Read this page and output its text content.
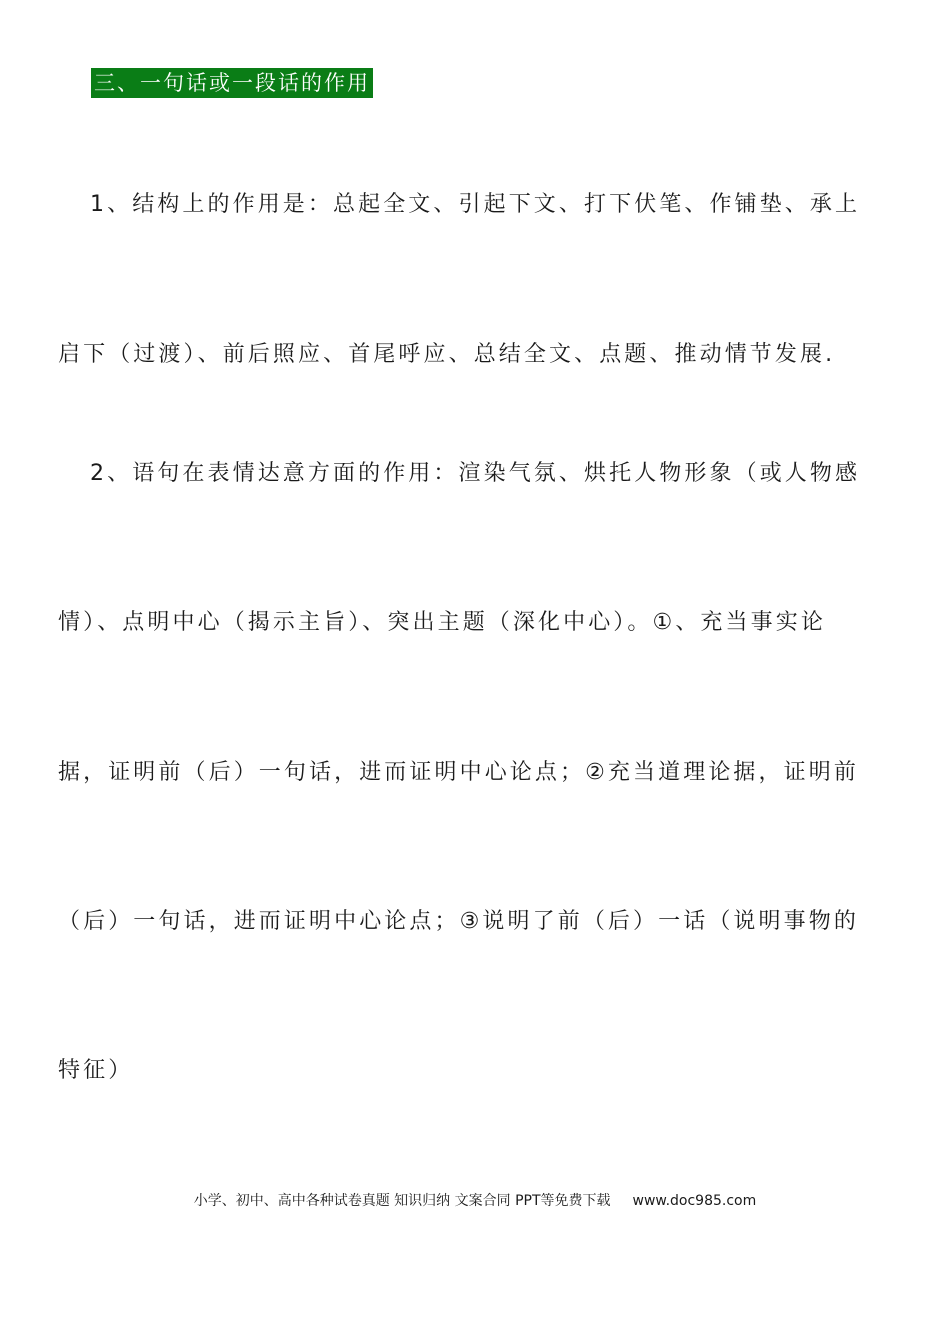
三、一句话或一段话的作用
1、结构上的作用是：总起全文、引起下文、打下伏笔、作铺垫、承上
启下（过渡）、前后照应、首尾呼应、总结全文、点题、推动情节发展.
2、语句在表情达意方面的作用：渲染气氛、烘托人物形象（或人物感
情）、点明中心（揭示主旨）、突出主题（深化中心）。①、充当事实论
据，证明前（后）一句话，进而证明中心论点；②充当道理论据，证明前
（后）一句话，进而证明中心论点；③说明了前（后）一话（说明事物的
特征）
小学、初中、高中各种试卷真题 知识归纳 文案合同 PPT等免费下载 www.doc985.com
